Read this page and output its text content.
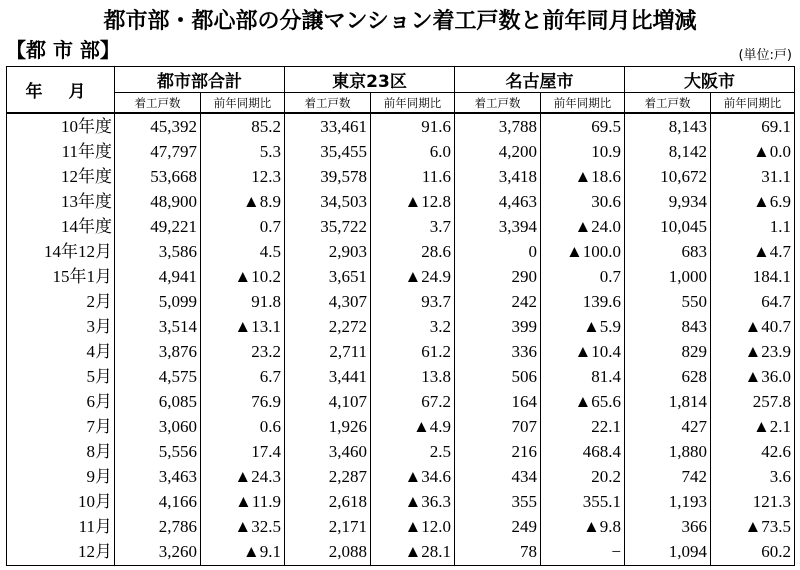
都市部・都心部の分譲マンション着工戸数と前年同月比増減
【都 市 部】	(単位:戸)
年 月	都市部合計		東京23区		名古屋市		大阪市	
	着工戸数	前年同期比	着工戸数	前年同期比	着工戸数	前年同期比	着工戸数	前年同期比
10年度	45,392	85.2	33,461	91.6	3,788	69.5	8,143	69.1
11年度	47,797	5.3	35,455	6.0	4,200	10.9	8,142	▲0.0
12年度	53,668	12.3	39,578	11.6	3,418	▲18.6	10,672	31.1
13年度	48,900	▲8.9	34,503	▲12.8	4,463	30.6	9,934	▲6.9
14年度	49,221	0.7	35,722	3.7	3,394	▲24.0	10,045	1.1
14年12月	3,586	4.5	2,903	28.6	0	▲100.0	683	▲4.7
15年1月	4,941	▲10.2	3,651	▲24.9	290	0.7	1,000	184.1
2月	5,099	91.8	4,307	93.7	242	139.6	550	64.7
3月	3,514	▲13.1	2,272	3.2	399	▲5.9	843	▲40.7
4月	3,876	23.2	2,711	61.2	336	▲10.4	829	▲23.9
5月	4,575	6.7	3,441	13.8	506	81.4	628	▲36.0
6月	6,085	76.9	4,107	67.2	164	▲65.6	1,814	257.8
7月	3,060	0.6	1,926	▲4.9	707	22.1	427	▲2.1
8月	5,556	17.4	3,460	2.5	216	468.4	1,880	42.6
9月	3,463	▲24.3	2,287	▲34.6	434	20.2	742	3.6
10月	4,166	▲11.9	2,618	▲36.3	355	355.1	1,193	121.3
11月	2,786	▲32.5	2,171	▲12.0	249	▲9.8	366	▲73.5
12月	3,260	▲9.1	2,088	▲28.1	78	−	1,094	60.2
